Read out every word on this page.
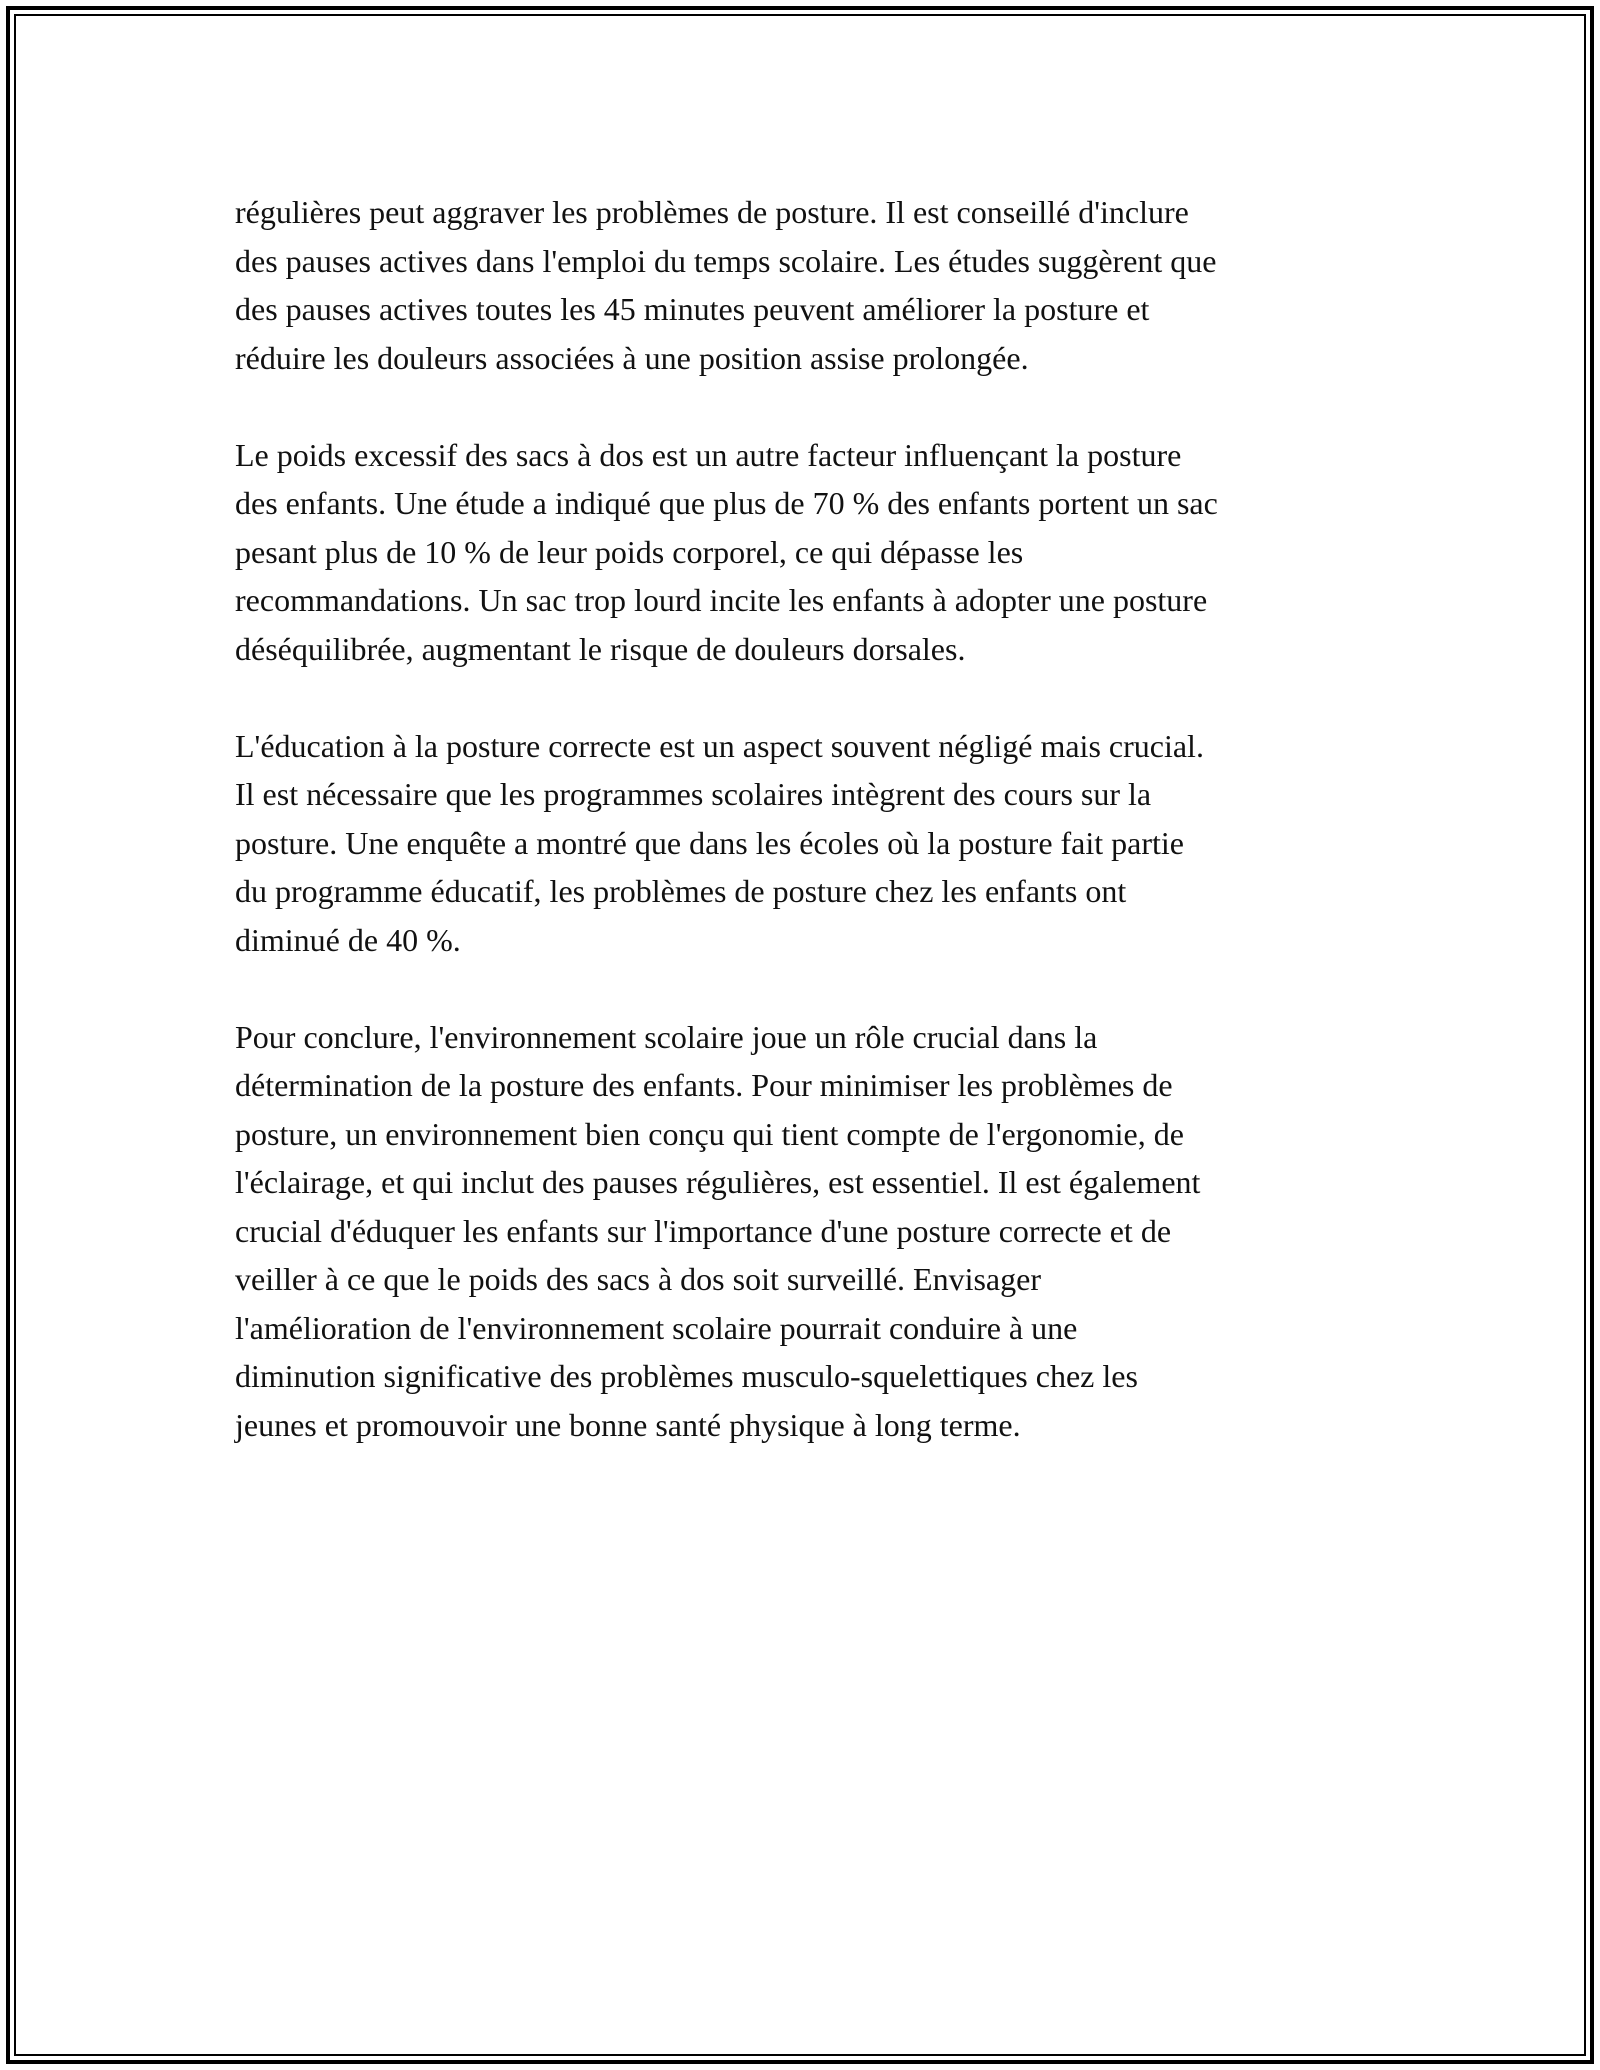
régulières peut aggraver les problèmes de posture. Il est conseillé d'inclure
des pauses actives dans l'emploi du temps scolaire. Les études suggèrent que
des pauses actives toutes les 45 minutes peuvent améliorer la posture et
réduire les douleurs associées à une position assise prolongée.

Le poids excessif des sacs à dos est un autre facteur influençant la posture
des enfants. Une étude a indiqué que plus de 70 % des enfants portent un sac
pesant plus de 10 % de leur poids corporel, ce qui dépasse les
recommandations. Un sac trop lourd incite les enfants à adopter une posture
déséquilibrée, augmentant le risque de douleurs dorsales.

L'éducation à la posture correcte est un aspect souvent négligé mais crucial.
Il est nécessaire que les programmes scolaires intègrent des cours sur la
posture. Une enquête a montré que dans les écoles où la posture fait partie
du programme éducatif, les problèmes de posture chez les enfants ont
diminué de 40 %.

Pour conclure, l'environnement scolaire joue un rôle crucial dans la
détermination de la posture des enfants. Pour minimiser les problèmes de
posture, un environnement bien conçu qui tient compte de l'ergonomie, de
l'éclairage, et qui inclut des pauses régulières, est essentiel. Il est également
crucial d'éduquer les enfants sur l'importance d'une posture correcte et de
veiller à ce que le poids des sacs à dos soit surveillé. Envisager
l'amélioration de l'environnement scolaire pourrait conduire à une
diminution significative des problèmes musculo-squelettiques chez les
jeunes et promouvoir une bonne santé physique à long terme.
